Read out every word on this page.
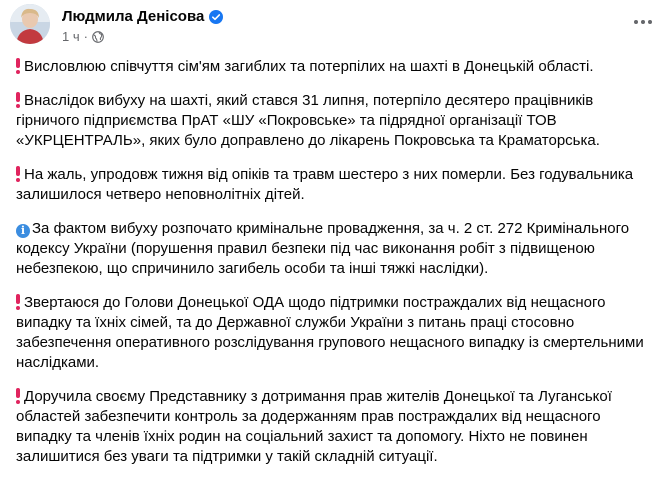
Людмила Денісова
1 ч ·
Висловлюю співчуття сім'ям загиблих та потерпілих на шахті в Донецькій області.
Внаслідок вибуху на шахті, який стався 31 липня, потерпіло десятеро працівників гірничого підприємства ПрАТ «ШУ «Покровське» та підрядної організації ТОВ «УКРЦЕНТРАЛЬ», яких було доправлено до лікарень Покровська та Краматорська.
На жаль, упродовж тижня від опіків та травм шестеро з них померли. Без годувальника залишилося четверо неповнолітніх дітей.
i За фактом вибуху розпочато кримінальне провадження, за ч. 2 ст. 272 Кримінального кодексу України (порушення правил безпеки під час виконання робіт з підвищеною небезпекою, що спричинило загибель особи та інші тяжкі наслідки).
Звертаюся до Голови Донецької ОДА щодо підтримки постраждалих від нещасного випадку та їхніх сімей, та до Державної служби України з питань праці стосовно забезпечення оперативного розслідування групового нещасного випадку із смертельними наслідками.
Доручила своєму Представнику з дотримання прав жителів Донецької та Луганської областей забезпечити контроль за додержанням прав постраждалих від нещасного випадку та членів їхніх родин на соціальний захист та допомогу. Ніхто не повинен залишитися без уваги та підтримки у такій складній ситуації.
